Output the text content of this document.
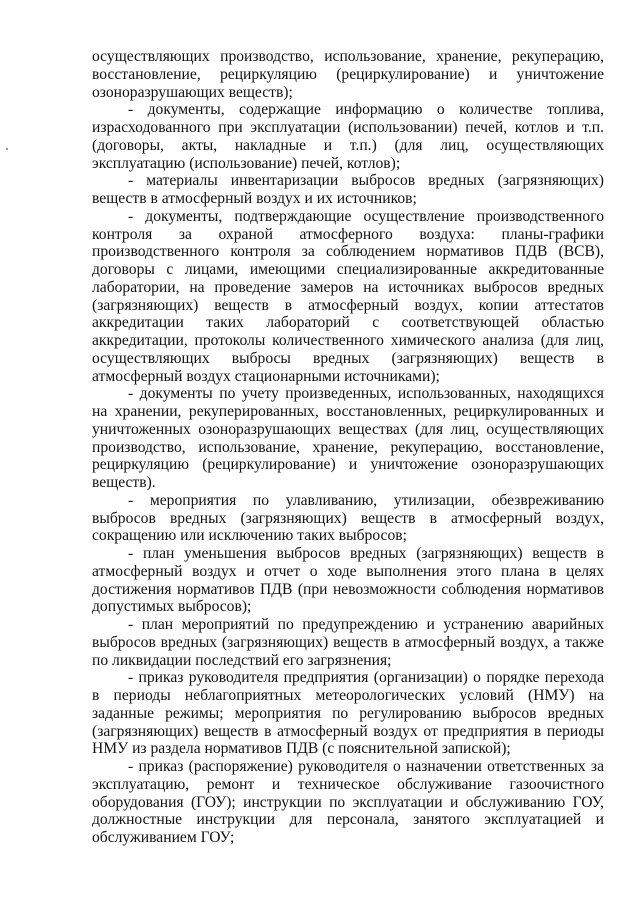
осуществляющих производство, использование, хранение, рекуперацию, восстановление, рециркуляцию (рециркулирование) и уничтожение озоноразрушающих веществ);

- документы, содержащие информацию о количестве топлива, израсходованного при эксплуатации (использовании) печей, котлов и т.п. (договоры, акты, накладные и т.п.) (для лиц, осуществляющих эксплуатацию (использование) печей, котлов);

- материалы инвентаризации выбросов вредных (загрязняющих) веществ в атмосферный воздух и их источников;

- документы, подтверждающие осуществление производственного контроля за охраной атмосферного воздуха: планы-графики производственного контроля за соблюдением нормативов ПДВ (ВСВ), договоры с лицами, имеющими специализированные аккредитованные лаборатории, на проведение замеров на источниках выбросов вредных (загрязняющих) веществ в атмосферный воздух, копии аттестатов аккредитации таких лабораторий с соответствующей областью аккредитации, протоколы количественного химического анализа (для лиц, осуществляющих выбросы вредных (загрязняющих) веществ в атмосферный воздух стационарными источниками);

- документы по учету произведенных, использованных, находящихся на хранении, рекуперированных, восстановленных, рециркулированных и уничтоженных озоноразрушающих веществах (для лиц, осуществляющих производство, использование, хранение, рекуперацию, восстановление, рециркуляцию (рециркулирование) и уничтожение озоноразрушающих веществ).

- мероприятия по улавливанию, утилизации, обезвреживанию выбросов вредных (загрязняющих) веществ в атмосферный воздух, сокращению или исключению таких выбросов;

- план уменьшения выбросов вредных (загрязняющих) веществ в атмосферный воздух и отчет о ходе выполнения этого плана в целях достижения нормативов ПДВ (при невозможности соблюдения нормативов допустимых выбросов);

- план мероприятий по предупреждению и устранению аварийных выбросов вредных (загрязняющих) веществ в атмосферный воздух, а также по ликвидации последствий его загрязнения;

- приказ руководителя предприятия (организации) о порядке перехода в периоды неблагоприятных метеорологических условий (НМУ) на заданные режимы; мероприятия по регулированию выбросов вредных (загрязняющих) веществ в атмосферный воздух от предприятия в периоды НМУ из раздела нормативов ПДВ (с пояснительной запиской);

- приказ (распоряжение) руководителя о назначении ответственных за эксплуатацию, ремонт и техническое обслуживание газоочистного оборудования (ГОУ); инструкции по эксплуатации и обслуживанию ГОУ, должностные инструкции для персонала, занятого эксплуатацией и обслуживанием ГОУ;
